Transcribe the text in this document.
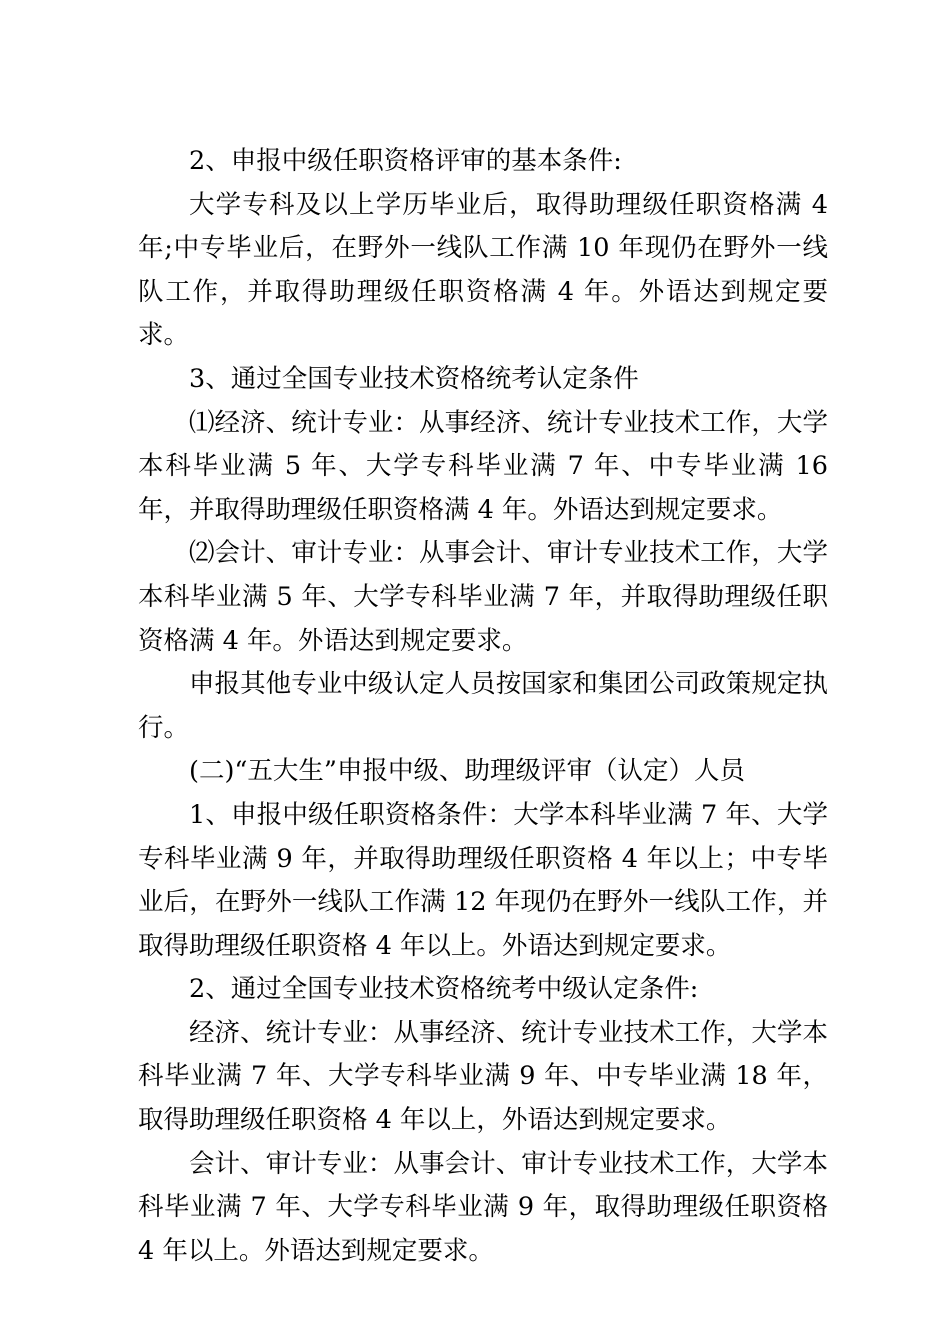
2、申报中级任职资格评审的基本条件:

大学专科及以上学历毕业后，取得助理级任职资格满 4 年;中专毕业后，在野外一线队工作满 10 年现仍在野外一线队工作，并取得助理级任职资格满 4 年。外语达到规定要求。

3、通过全国专业技术资格统考认定条件

⑴经济、统计专业：从事经济、统计专业技术工作，大学本科毕业满 5 年、大学专科毕业满 7 年、中专毕业满 16 年，并取得助理级任职资格满 4 年。外语达到规定要求。

⑵会计、审计专业：从事会计、审计专业技术工作，大学本科毕业满 5 年、大学专科毕业满 7 年，并取得助理级任职资格满 4 年。外语达到规定要求。

申报其他专业中级认定人员按国家和集团公司政策规定执行。

(二)“五大生”申报中级、助理级评审（认定）人员

1、申报中级任职资格条件：大学本科毕业满 7 年、大学专科毕业满 9 年，并取得助理级任职资格 4 年以上；中专毕业后，在野外一线队工作满 12 年现仍在野外一线队工作，并取得助理级任职资格 4 年以上。外语达到规定要求。

2、通过全国专业技术资格统考中级认定条件:

经济、统计专业：从事经济、统计专业技术工作，大学本科毕业满 7 年、大学专科毕业满 9 年、中专毕业满 18 年，取得助理级任职资格 4 年以上，外语达到规定要求。

会计、审计专业：从事会计、审计专业技术工作，大学本科毕业满 7 年、大学专科毕业满 9 年，取得助理级任职资格 4 年以上。外语达到规定要求。
